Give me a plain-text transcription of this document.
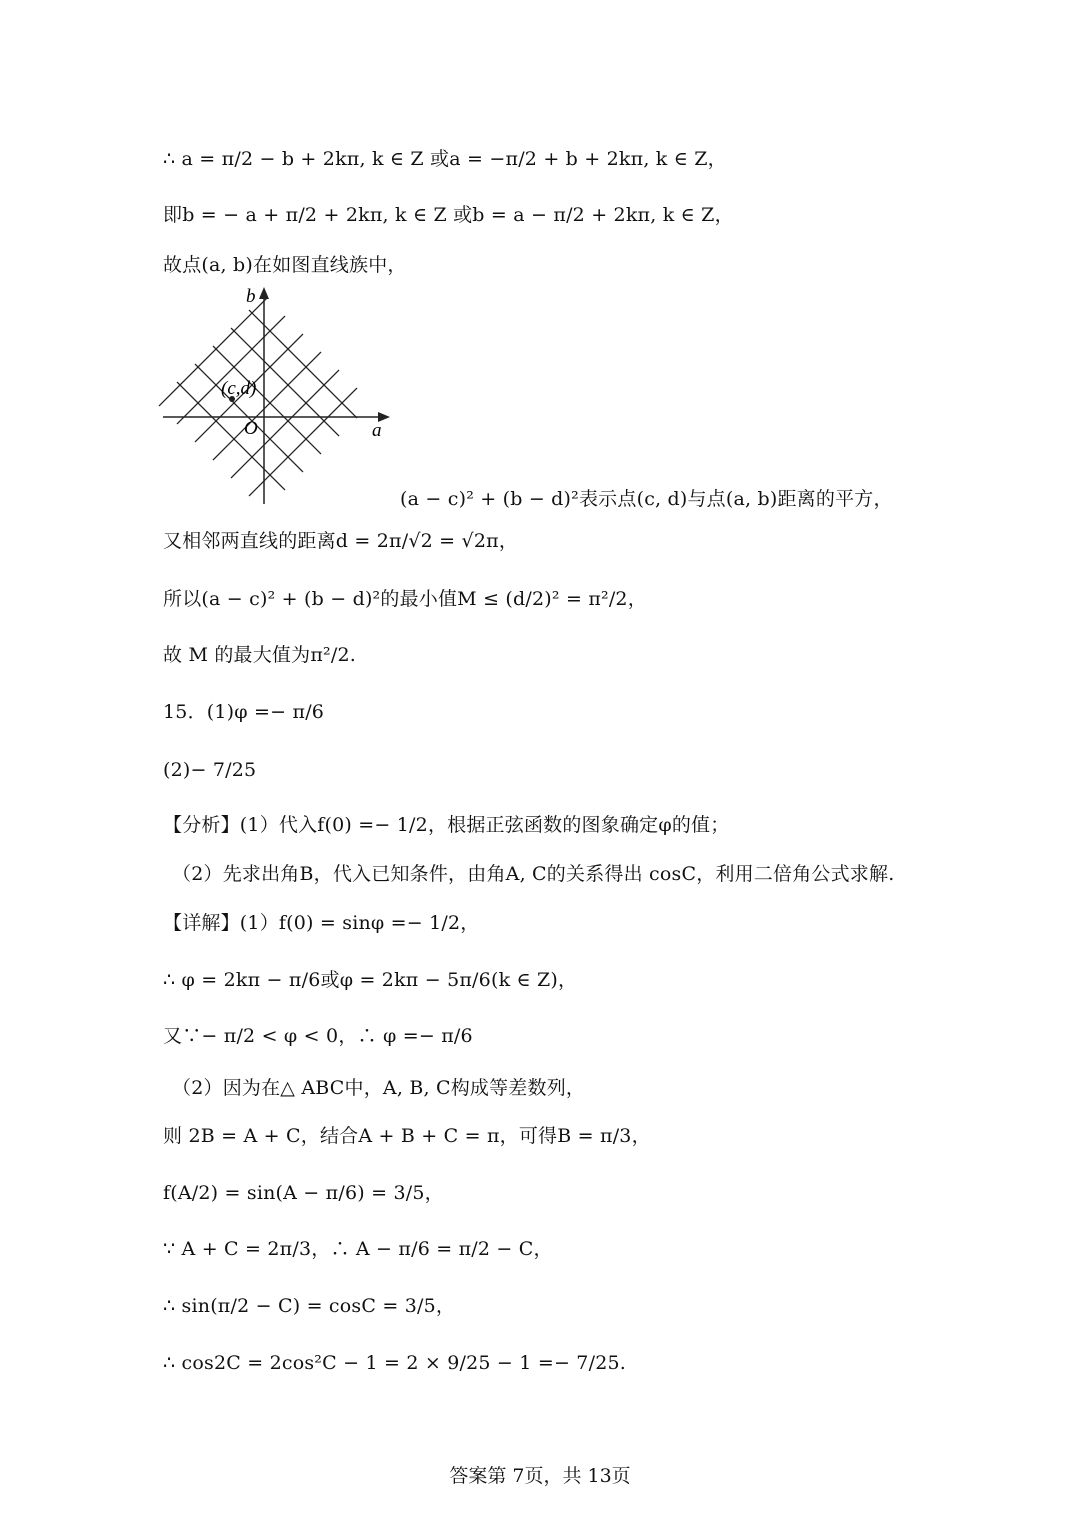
∴ a = π/2 − b + 2kπ, k ∈ Z 或a = −π/2 + b + 2kπ, k ∈ Z，
即b = − a + π/2 + 2kπ, k ∈ Z 或b = a − π/2 + 2kπ, k ∈ Z，
故点(a, b)在如图直线族中，
b
a
O
(c,d)
(a − c)² + (b − d)²表示点(c, d)与点(a, b)距离的平方，
又相邻两直线的距离d = 2π/√2 = √2π，
所以(a − c)² + (b − d)²的最小值M ≤ (d/2)² = π²/2，
故 M 的最大值为π²/2.
15．(1)φ =− π/6
(2)− 7/25
【分析】(1）代入f(0) =− 1/2，根据正弦函数的图象确定φ的值；
（2）先求出角B，代入已知条件，由角A, C的关系得出 cosC，利用二倍角公式求解.
【详解】(1）f(0) = sinφ =− 1/2，
∴ φ = 2kπ − π/6或φ = 2kπ − 5π/6(k ∈ Z)，
又∵− π/2 < φ < 0，∴ φ =− π/6
（2）因为在△ ABC中，A, B, C构成等差数列，
则 2B = A + C，结合A + B + C = π，可得B = π/3，
f(A/2) = sin(A − π/6) = 3/5，
∵ A + C = 2π/3，∴ A − π/6 = π/2 − C，
∴ sin(π/2 − C) = cosC = 3/5，
∴ cos2C = 2cos²C − 1 = 2 × 9/25 − 1 =− 7/25.
答案第 7页，共 13页
